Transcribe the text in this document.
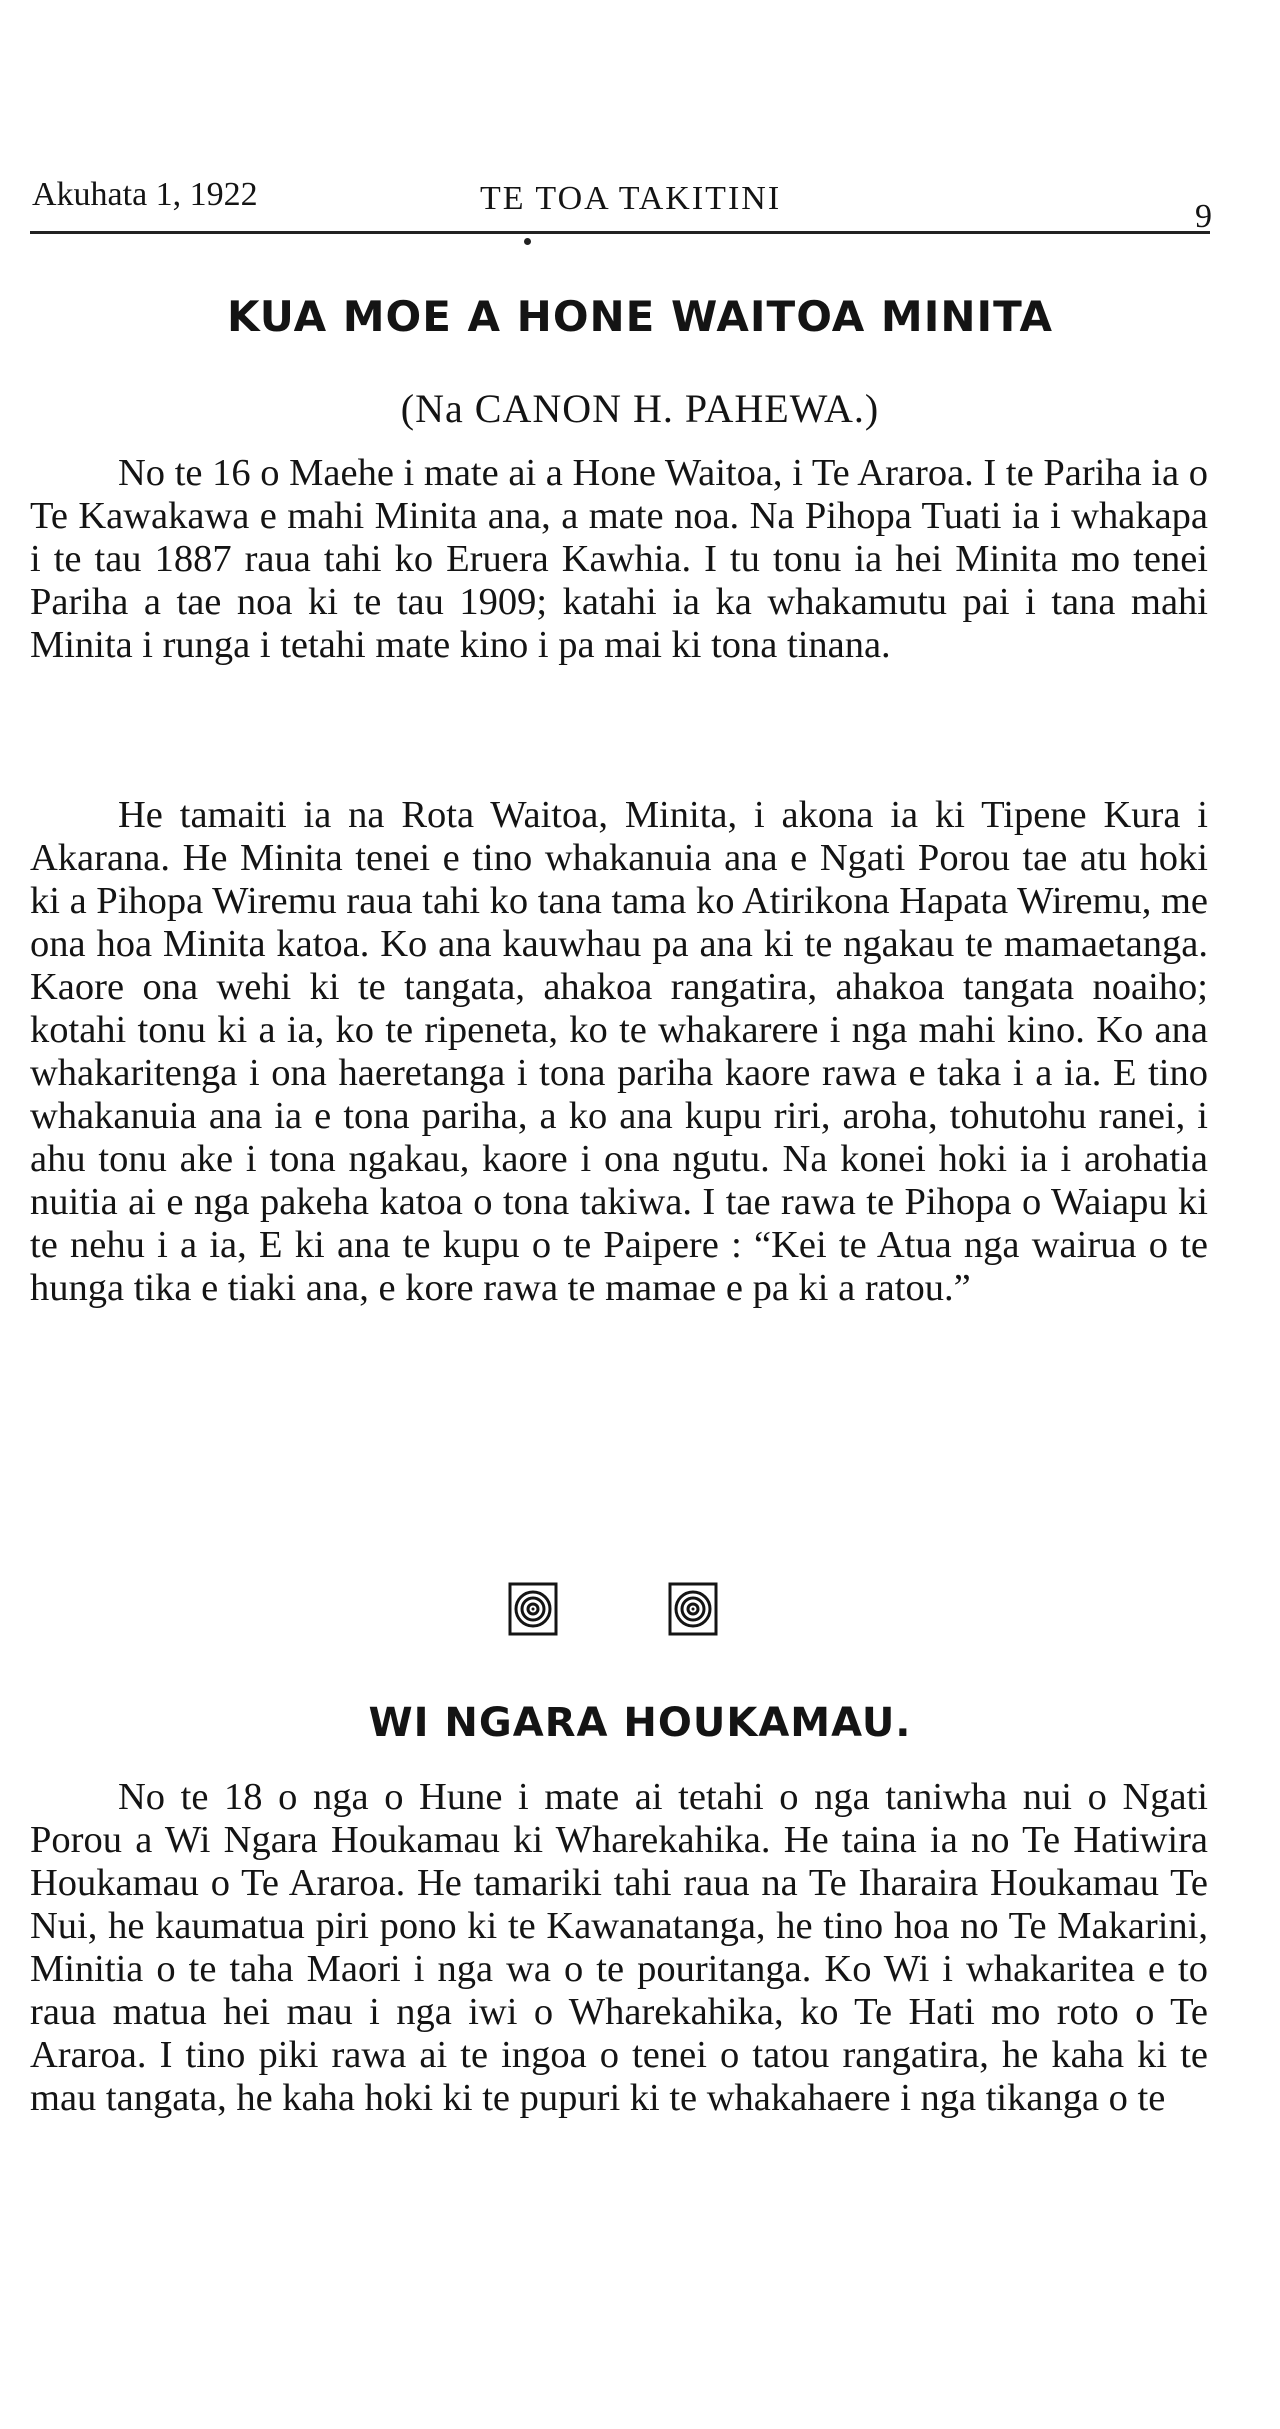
Akuhata 1, 1922	TE TOA TAKITINI	9
KUA MOE A HONE WAITOA MINITA
(Na CANON H. PAHEWA.)

No te 16 o Maehe i mate ai a Hone Waitoa, i Te Araroa. I te Pariha ia o Te Kawakawa e mahi Minita ana, a mate noa. Na Pihopa Tuati ia i whakapa i te tau 1887 raua tahi ko Eruera Kawhia. I tu tonu ia hei Minita mo tenei Pariha a tae noa ki te tau 1909; katahi ia ka whakamutu pai i tana mahi Minita i runga i tetahi mate kino i pa mai ki tona tinana.

He tamaiti ia na Rota Waitoa, Minita, i akona ia ki Tipene Kura i Akarana. He Minita tenei e tino whakanuia ana e Ngati Porou tae atu hoki ki a Pihopa Wiremu raua tahi ko tana tama ko Atirikona Hapata Wiremu, me ona hoa Minita katoa. Ko ana kauwhau pa ana ki te ngakau te mamaetanga. Kaore ona wehi ki te tangata, ahakoa rangatira, ahakoa tangata noaiho; kotahi tonu ki a ia, ko te ripeneta, ko te whakarere i nga mahi kino. Ko ana whakaritenga i ona haeretanga i tona pariha kaore rawa e taka i a ia. E tino whakanuia ana ia e tona pariha, a ko ana kupu riri, aroha, tohutohu ranei, i ahu tonu ake i tona ngakau, kaore i ona ngutu. Na konei hoki ia i arohatia nuitia ai e nga pakeha katoa o tona takiwa. I tae rawa te Pihopa o Waiapu ki te nehu i a ia, E ki ana te kupu o te Paipere : “Kei te Atua nga wairua o te hunga tika e tiaki ana, e kore rawa te mamae e pa ki a ratou.”

WI NGARA HOUKAMAU.

No te 18 o nga o Hune i mate ai tetahi o nga taniwha nui o Ngati Porou a Wi Ngara Houkamau ki Wharekahika. He taina ia no Te Hatiwira Houkamau o Te Araroa. He tamariki tahi raua na Te Iharaira Houkamau Te Nui, he kaumatua piri pono ki te Kawanatanga, he tino hoa no Te Makarini, Minitia o te taha Maori i nga wa o te pouritanga. Ko Wi i whakaritea e to raua matua hei mau i nga iwi o Wharekahika, ko Te Hati mo roto o Te Araroa. I tino piki rawa ai te ingoa o tenei o tatou rangatira, he kaha ki te mau tangata, he kaha hoki ki te pupuri ki te whakahaere i nga tikanga o te
